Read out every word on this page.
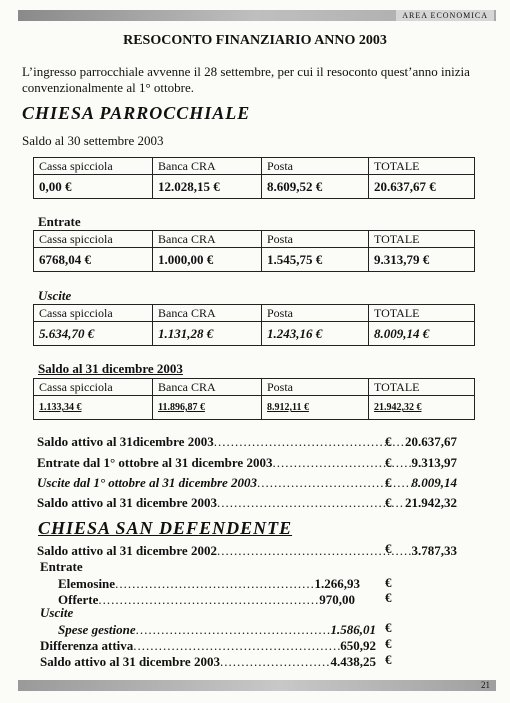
AREA ECONOMICA
RESOCONTO FINANZIARIO ANNO 2003
L’ingresso parrocchiale avvenne il 28 settembre, per cui il resoconto quest’anno inizia convenzionalmente al 1° ottobre.
CHIESA PARROCCHIALE
Saldo al 30 settembre 2003
Cassa spicciola	Banca CRA	Posta	TOTALE
0,00 €	12.028,15 €	8.609,52 €	20.637,67 €
Entrate
Cassa spicciola	Banca CRA	Posta	TOTALE
6768,04 €	1.000,00 €	1.545,75 €	9.313,79 €
Uscite
Cassa spicciola	Banca CRA	Posta	TOTALE
5.634,70 €	1.131,28 €	1.243,16 €	8.009,14 €
Saldo al 31 dicembre 2003
Cassa spicciola	Banca CRA	Posta	TOTALE
1.133,34 €	11.896,87 €	8.912,11 €	21.942,32 €
Saldo attivo al 31dicembre 2003 .....	20.637,67
€
Entrate dal 1° ottobre al 31 dicembre 2003 .....	9.313,97
€
Uscite dal 1° ottobre al 31 dicembre 2003 .....	8.009,14
€
Saldo attivo al 31 dicembre 2003 .....	21.942,32
€
CHIESA SAN DEFENDENTE
Saldo attivo al 31 dicembre 2002 .....	3.787,33
€
Entrate
Elemosine .....	1.266,93 €
Offerte .....	970,00 €
Uscite
Spese gestione .....	1.586,01 €
Differenza attiva .....	650,92 €
Saldo attivo al 31 dicembre 2003 .....	4.438,25 €
21
